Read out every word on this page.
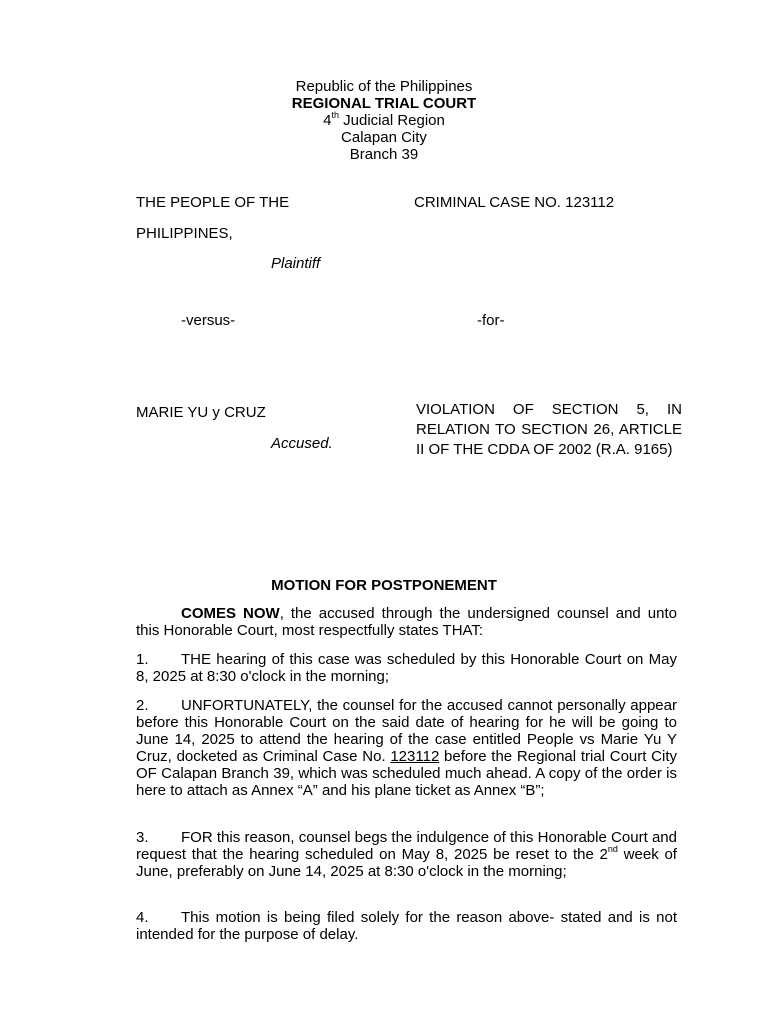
Republic of the Philippines
REGIONAL TRIAL COURT
4th Judicial Region
Calapan City
Branch 39
THE PEOPLE OF THE
PHILIPPINES,
Plaintiff
-versus-
MARIE YU y CRUZ
Accused.
CRIMINAL CASE NO. 123112
-for-
VIOLATION OF SECTION 5, IN RELATION TO SECTION 26, ARTICLE II OF THE CDDA OF 2002 (R.A. 9165)
MOTION FOR POSTPONEMENT
COMES NOW, the accused through the undersigned counsel and unto this Honorable Court, most respectfully states THAT:
1. THE hearing of this case was scheduled by this Honorable Court on May 8, 2025 at 8:30 o'clock in the morning;
2. UNFORTUNATELY, the counsel for the accused cannot personally appear before this Honorable Court on the said date of hearing for he will be going to June 14, 2025 to attend the hearing of the case entitled People vs Marie Yu Y Cruz, docketed as Criminal Case No. 123112 before the Regional trial Court City OF Calapan Branch 39, which was scheduled much ahead. A copy of the order is here to attach as Annex “A” and his plane ticket as Annex “B”;
3. FOR this reason, counsel begs the indulgence of this Honorable Court and request that the hearing scheduled on May 8, 2025 be reset to the 2nd week of June, preferably on June 14, 2025 at 8:30 o'clock in the morning;
4. This motion is being filed solely for the reason above- stated and is not intended for the purpose of delay.
